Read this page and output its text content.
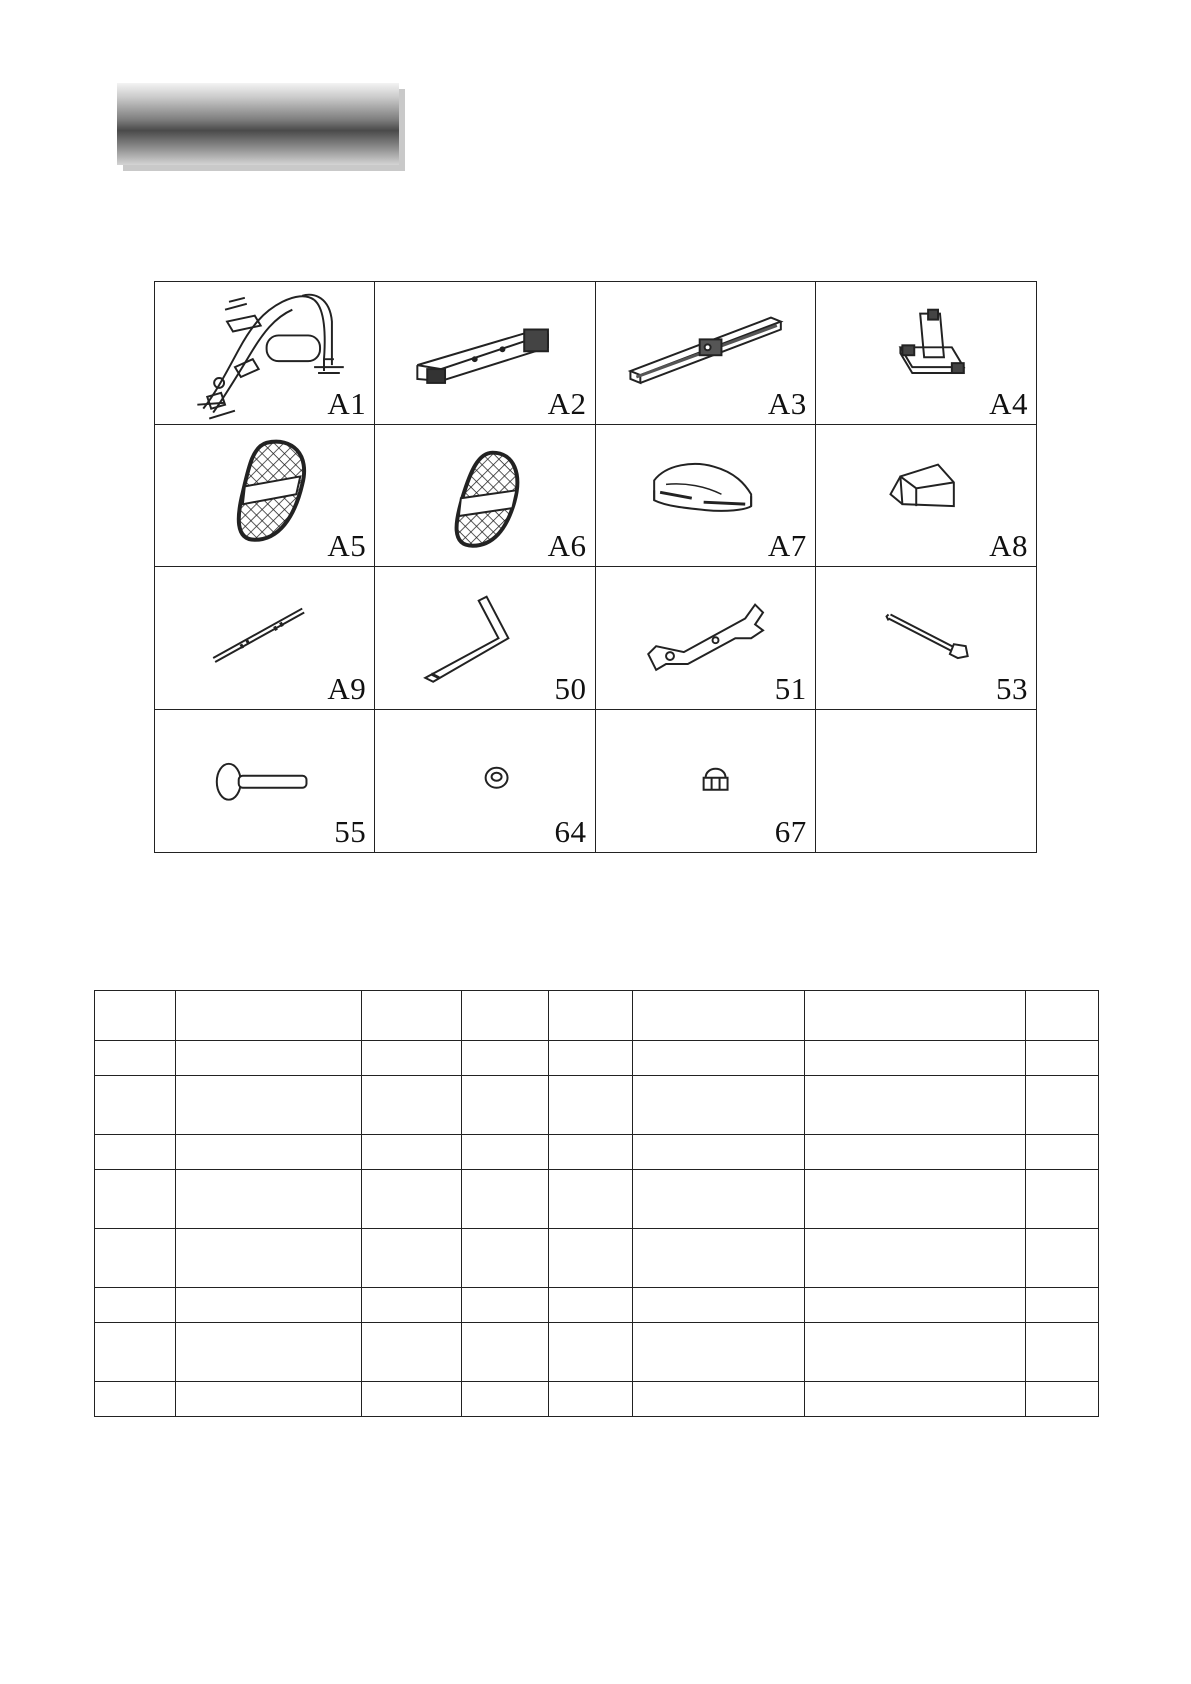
A1	A2	A3	A4
A5	A6	A7	A8
A9	50	51	53
55	64	67
